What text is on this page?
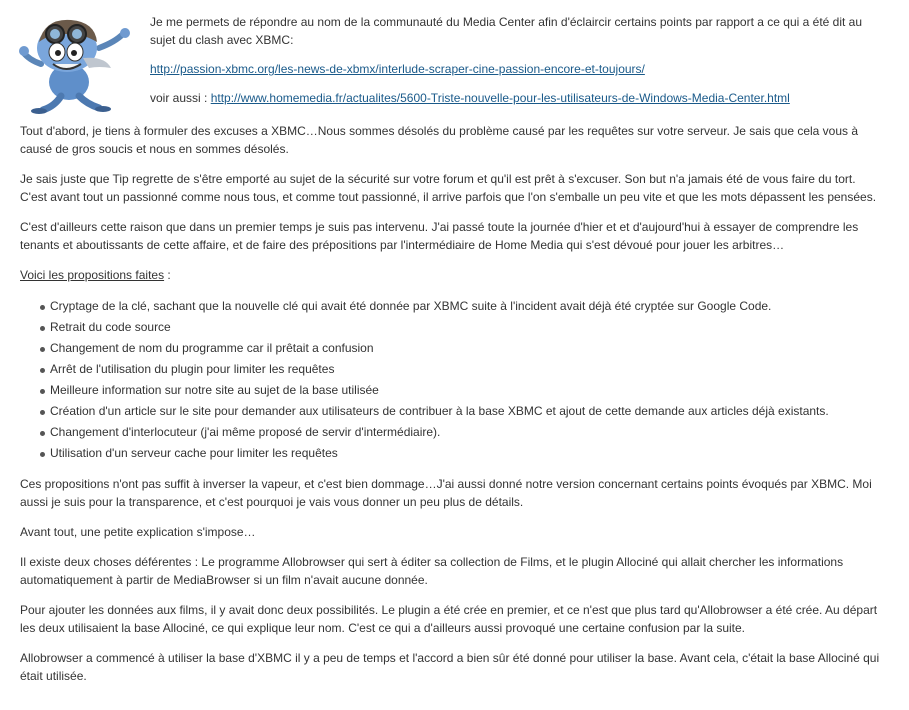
Je me permets de répondre au nom de la communauté du Media Center afin d'éclaircir certains points par rapport a ce qui a été dit au sujet du clash avec XBMC:

http://passion-xbmc.org/les-news-de-xbmx/interlude-scraper-cine-passion-encore-et-toujours/

voir aussi : http://www.homemedia.fr/actualites/5600-Triste-nouvelle-pour-les-utilisateurs-de-Windows-Media-Center.html

Tout d'abord, je tiens à formuler des excuses a XBMC…Nous sommes désolés du problème causé par les requêtes sur votre serveur. Je sais que cela vous à causé de gros soucis et nous en sommes désolés.

Je sais juste que Tip regrette de s'être emporté au sujet de la sécurité sur votre forum et qu'il est prêt à s'excuser. Son but n'a jamais été de vous faire du tort. C'est avant tout un passionné comme nous tous, et comme tout passionné, il arrive parfois que l'on s'emballe un peu vite et que les mots dépassent les pensées.

C'est d'ailleurs cette raison que dans un premier temps je suis pas intervenu. J'ai passé toute la journée d'hier et et d'aujourd'hui à essayer de comprendre les tenants et aboutissants de cette affaire, et de faire des prépositions par l'intermédiaire de Home Media qui s'est dévoué pour jouer les arbitres…

Voici les propositions faites :

Cryptage de la clé, sachant que la nouvelle clé qui avait été donnée par XBMC suite à l'incident avait déjà été cryptée sur Google Code.
Retrait du code source
Changement de nom du programme car il prêtait a confusion
Arrêt de l'utilisation du plugin pour limiter les requêtes
Meilleure information sur notre site au sujet de la base utilisée
Création d'un article sur le site pour demander aux utilisateurs de contribuer à la base XBMC et ajout de cette demande aux articles déjà existants.
Changement d'interlocuteur (j'ai même proposé de servir d'intermédiaire).
Utilisation d'un serveur cache pour limiter les requêtes

Ces propositions n'ont pas suffit à inverser la vapeur, et c'est bien dommage…J'ai aussi donné notre version concernant certains points évoqués par XBMC. Moi aussi je suis pour la transparence, et c'est pourquoi je vais vous donner un peu plus de détails.

Avant tout, une petite explication s'impose…

Il existe deux choses déférentes : Le programme Allobrowser qui sert à éditer sa collection de Films, et le plugin Allociné qui allait chercher les informations automatiquement à partir de MediaBrowser si un film n'avait aucune donnée.

Pour ajouter les données aux films, il y avait donc deux possibilités. Le plugin a été crée en premier, et ce n'est que plus tard qu'Allobrowser a été crée. Au départ les deux utilisaient la base Allociné, ce qui explique leur nom. C'est ce qui a d'ailleurs aussi provoqué une certaine confusion par la suite.

Allobrowser a commencé à utiliser la base d'XBMC il y a peu de temps et l'accord a bien sûr été donné pour utiliser la base. Avant cela, c'était la base Allociné qui était utilisée.
